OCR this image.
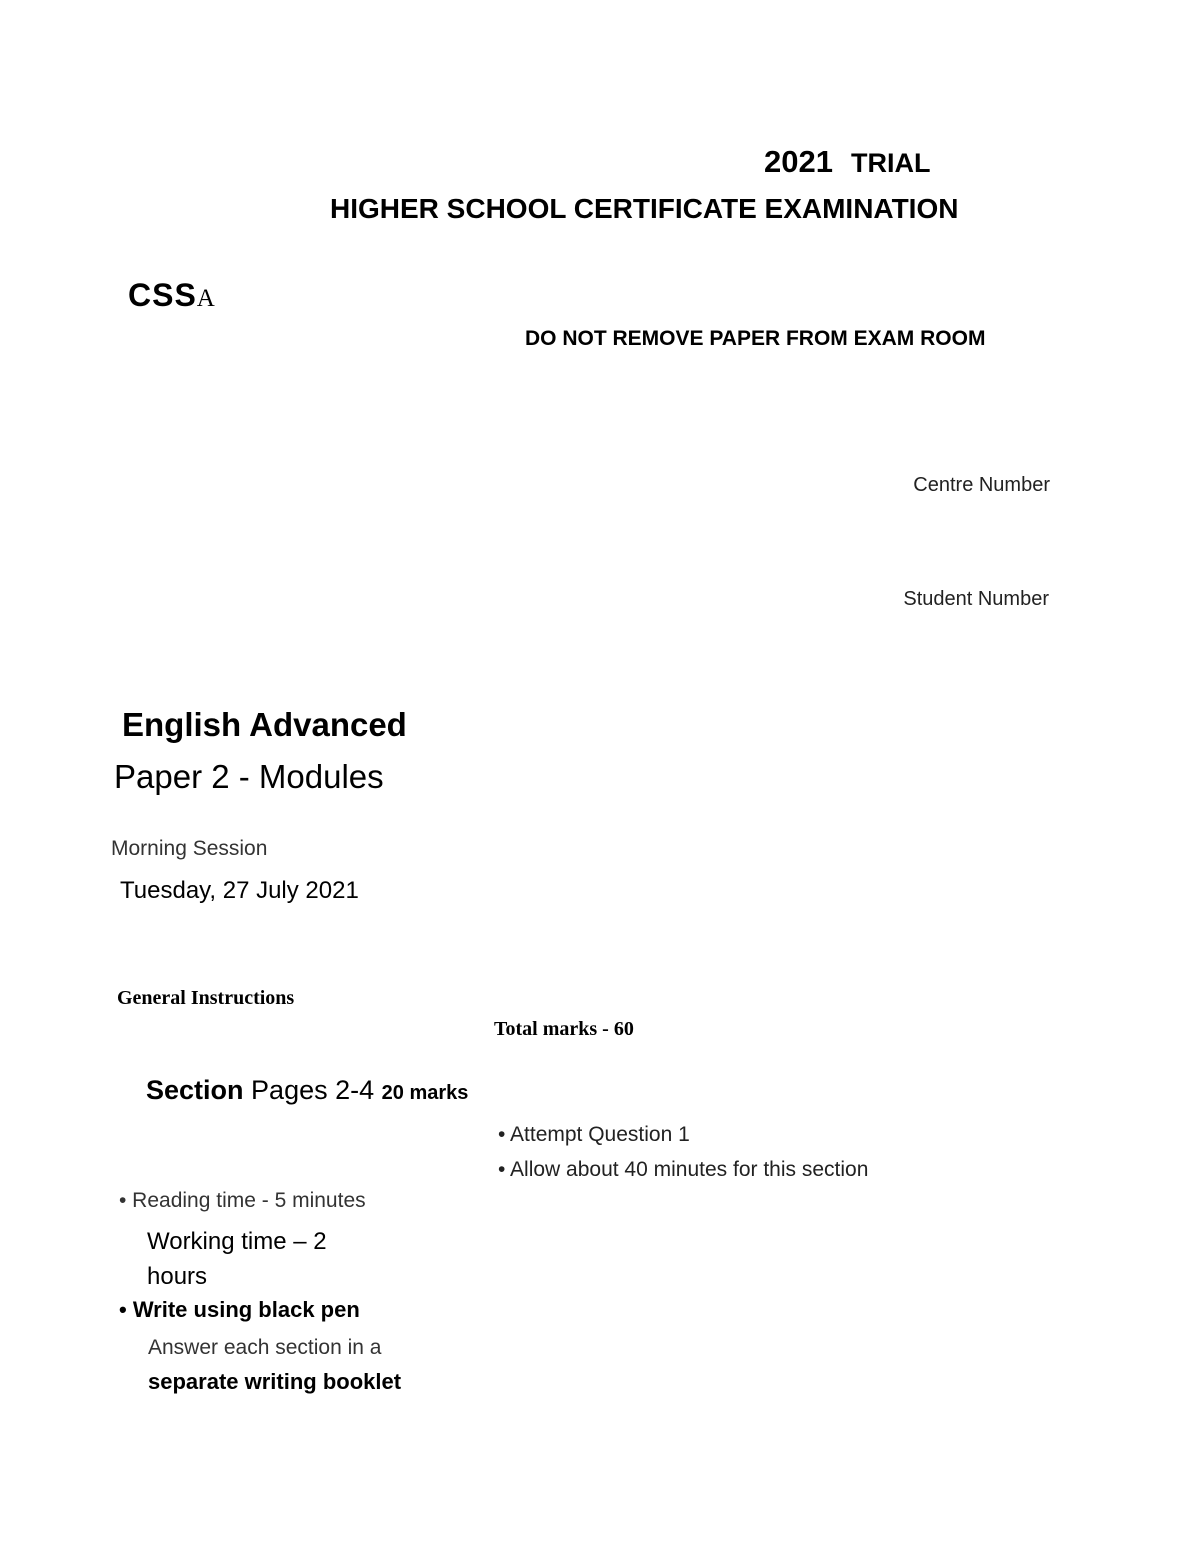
2021 TRIAL
HIGHER SCHOOL CERTIFICATE EXAMINATION
CSSA
DO NOT REMOVE PAPER FROM EXAM ROOM
Centre Number
Student Number
English Advanced
Paper 2 - Modules
Morning Session
Tuesday, 27 July 2021
General Instructions
Total marks - 60
Section Pages 2-4 20 marks
• Attempt Question 1
• Allow about 40 minutes for this section
• Reading time - 5 minutes
Working time – 2 hours
• Write using black pen
Answer each section in a
separate writing booklet
